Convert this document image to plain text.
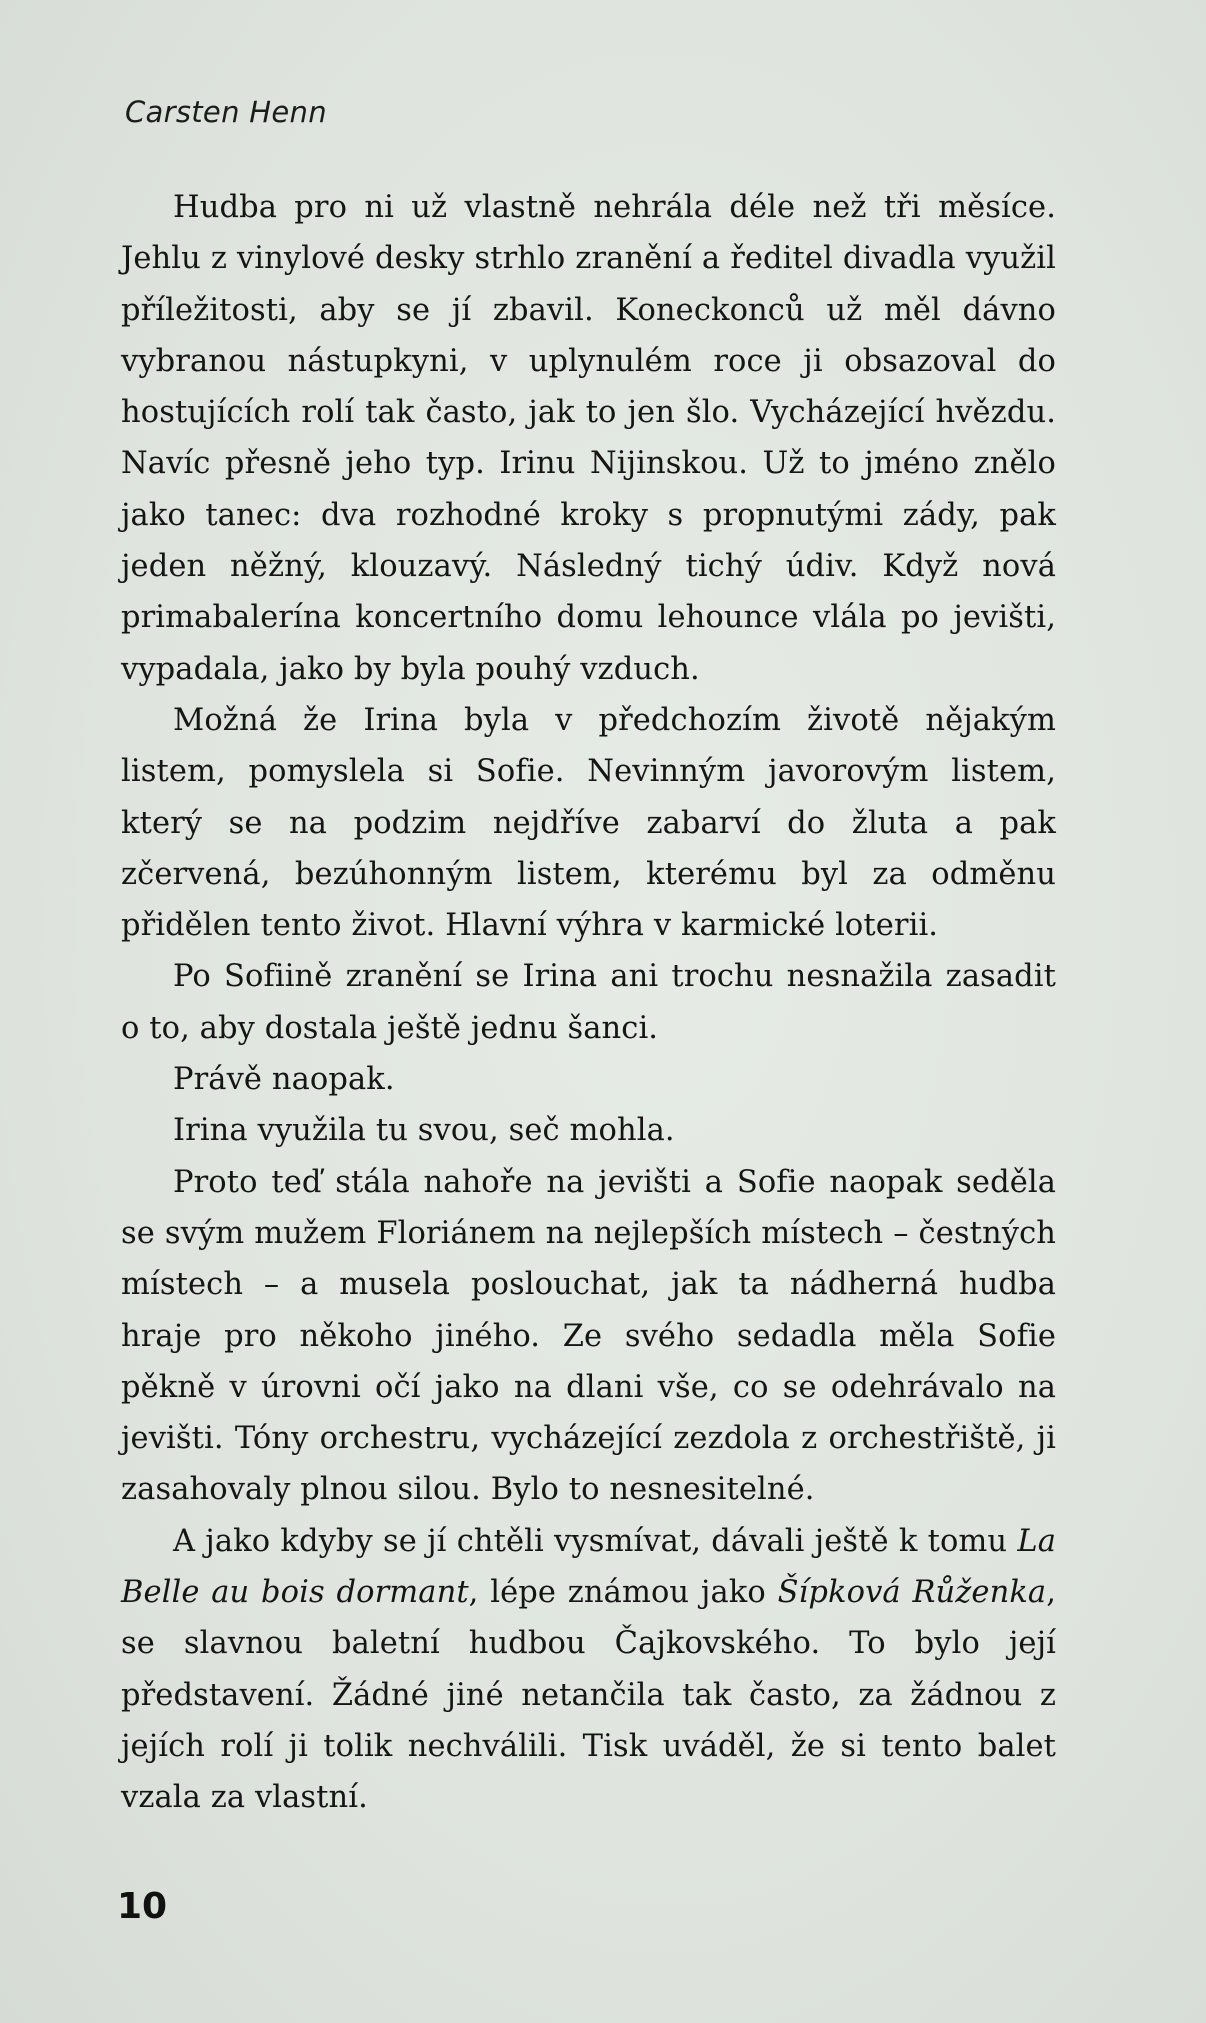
Carsten Henn

Hudba pro ni už vlastně nehrála déle než tři měsíce. Jehlu z vinylové desky strhlo zranění a ředitel divadla využil příležitosti, aby se jí zbavil. Koneckonců už měl dávno vybranou nástupkyni, v uplynulém roce ji obsazoval do hostujících rolí tak často, jak to jen šlo. Vycházející hvězdu. Navíc přesně jeho typ. Irinu Nijinskou. Už to jméno znělo jako tanec: dva rozhodné kroky s propnutými zády, pak jeden něžný, klouzavý. Následný tichý údiv. Když nová primabalerína koncertního domu lehounce vlála po jevišti, vypadala, jako by byla pouhý vzduch.

Možná že Irina byla v předchozím životě nějakým listem, pomyslela si Sofie. Nevinným javorovým listem, který se na podzim nejdříve zabarví do žluta a pak zčervená, bezúhonným listem, kterému byl za odměnu přidělen tento život. Hlavní výhra v karmické loterii.

Po Sofiině zranění se Irina ani trochu nesnažila zasadit o to, aby dostala ještě jednu šanci.

Právě naopak.

Irina využila tu svou, seč mohla.

Proto teď stála nahoře na jevišti a Sofie naopak seděla se svým mužem Floriánem na nejlepších místech – čestných místech – a musela poslouchat, jak ta nádherná hudba hraje pro někoho jiného. Ze svého sedadla měla Sofie pěkně v úrovni očí jako na dlani vše, co se odehrávalo na jevišti. Tóny orchestru, vycházející zezdola z orchestřiště, ji zasahovaly plnou silou. Bylo to nesnesitelné.

A jako kdyby se jí chtěli vysmívat, dávali ještě k tomu La Belle au bois dormant, lépe známou jako Šípková Růženka, se slavnou baletní hudbou Čajkovského. To bylo její představení. Žádné jiné netančila tak často, za žádnou z jejích rolí ji tolik nechválili. Tisk uváděl, že si tento balet vzala za vlastní.

10
